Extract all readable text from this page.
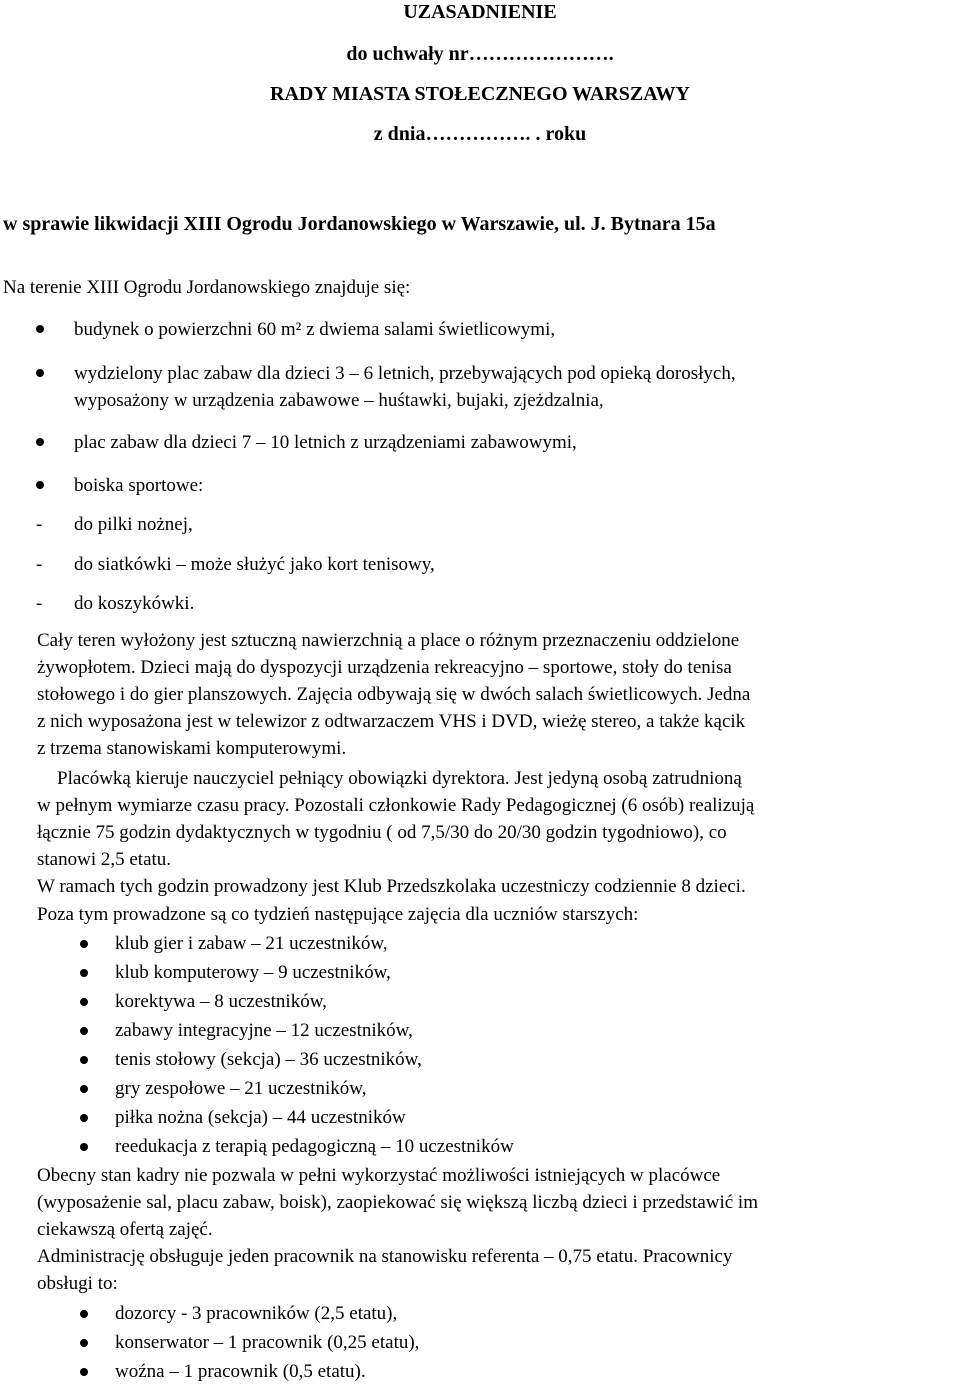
UZASADNIENIE
do uchwały nr………………….
RADY MIASTA STOŁECZNEGO WARSZAWY
z dnia……………. . roku
w sprawie likwidacji XIII Ogrodu Jordanowskiego w Warszawie, ul. J. Bytnara 15a
Na terenie XIII Ogrodu Jordanowskiego znajduje się:
budynek o powierzchni 60 m² z dwiema salami świetlicowymi,
wydzielony plac zabaw dla dzieci 3 – 6 letnich, przebywających pod opieką dorosłych,
wyposażony w urządzenia zabawowe – huśtawki, bujaki, zjeżdzalnia,
plac zabaw dla dzieci 7 – 10 letnich z urządzeniami zabawowymi,
boiska sportowe:
- do pilki nożnej,
- do siatkówki – może służyć jako kort tenisowy,
- do koszykówki.
Cały teren wyłożony jest sztuczną nawierzchnią a place o różnym przeznaczeniu oddzielone
żywopłotem. Dzieci mają do dyspozycji urządzenia rekreacyjno – sportowe, stoły do tenisa
stołowego i do gier planszowych. Zajęcia odbywają się w dwóch salach świetlicowych. Jedna
z nich wyposażona jest w telewizor z odtwarzaczem VHS i DVD, wieżę stereo, a także kącik
z trzema stanowiskami komputerowymi.
Placówką kieruje nauczyciel pełniący obowiązki dyrektora. Jest jedyną osobą zatrudnioną
w pełnym wymiarze czasu pracy. Pozostali członkowie Rady Pedagogicznej (6 osób) realizują
łącznie 75 godzin dydaktycznych w tygodniu ( od 7,5/30 do 20/30 godzin tygodniowo), co
stanowi 2,5 etatu.
W ramach tych godzin prowadzony jest Klub Przedszkolaka uczestniczy codziennie 8 dzieci.
Poza tym prowadzone są co tydzień następujące zajęcia dla uczniów starszych:
klub gier i zabaw – 21 uczestników,
klub komputerowy – 9 uczestników,
korektywa – 8 uczestników,
zabawy integracyjne – 12 uczestników,
tenis stołowy (sekcja) – 36 uczestników,
gry zespołowe – 21 uczestników,
piłka nożna (sekcja) – 44 uczestników
reedukacja z terapią pedagogiczną – 10 uczestników
Obecny stan kadry nie pozwala w pełni wykorzystać możliwości istniejących w placówce
(wyposażenie sal, placu zabaw, boisk), zaopiekować się większą liczbą dzieci i przedstawić im
ciekawszą ofertą zajęć.
Administrację obsługuje jeden pracownik na stanowisku referenta – 0,75 etatu. Pracownicy
obsługi to:
dozorcy - 3 pracowników (2,5 etatu),
konserwator – 1 pracownik (0,25 etatu),
woźna – 1 pracownik (0,5 etatu).
